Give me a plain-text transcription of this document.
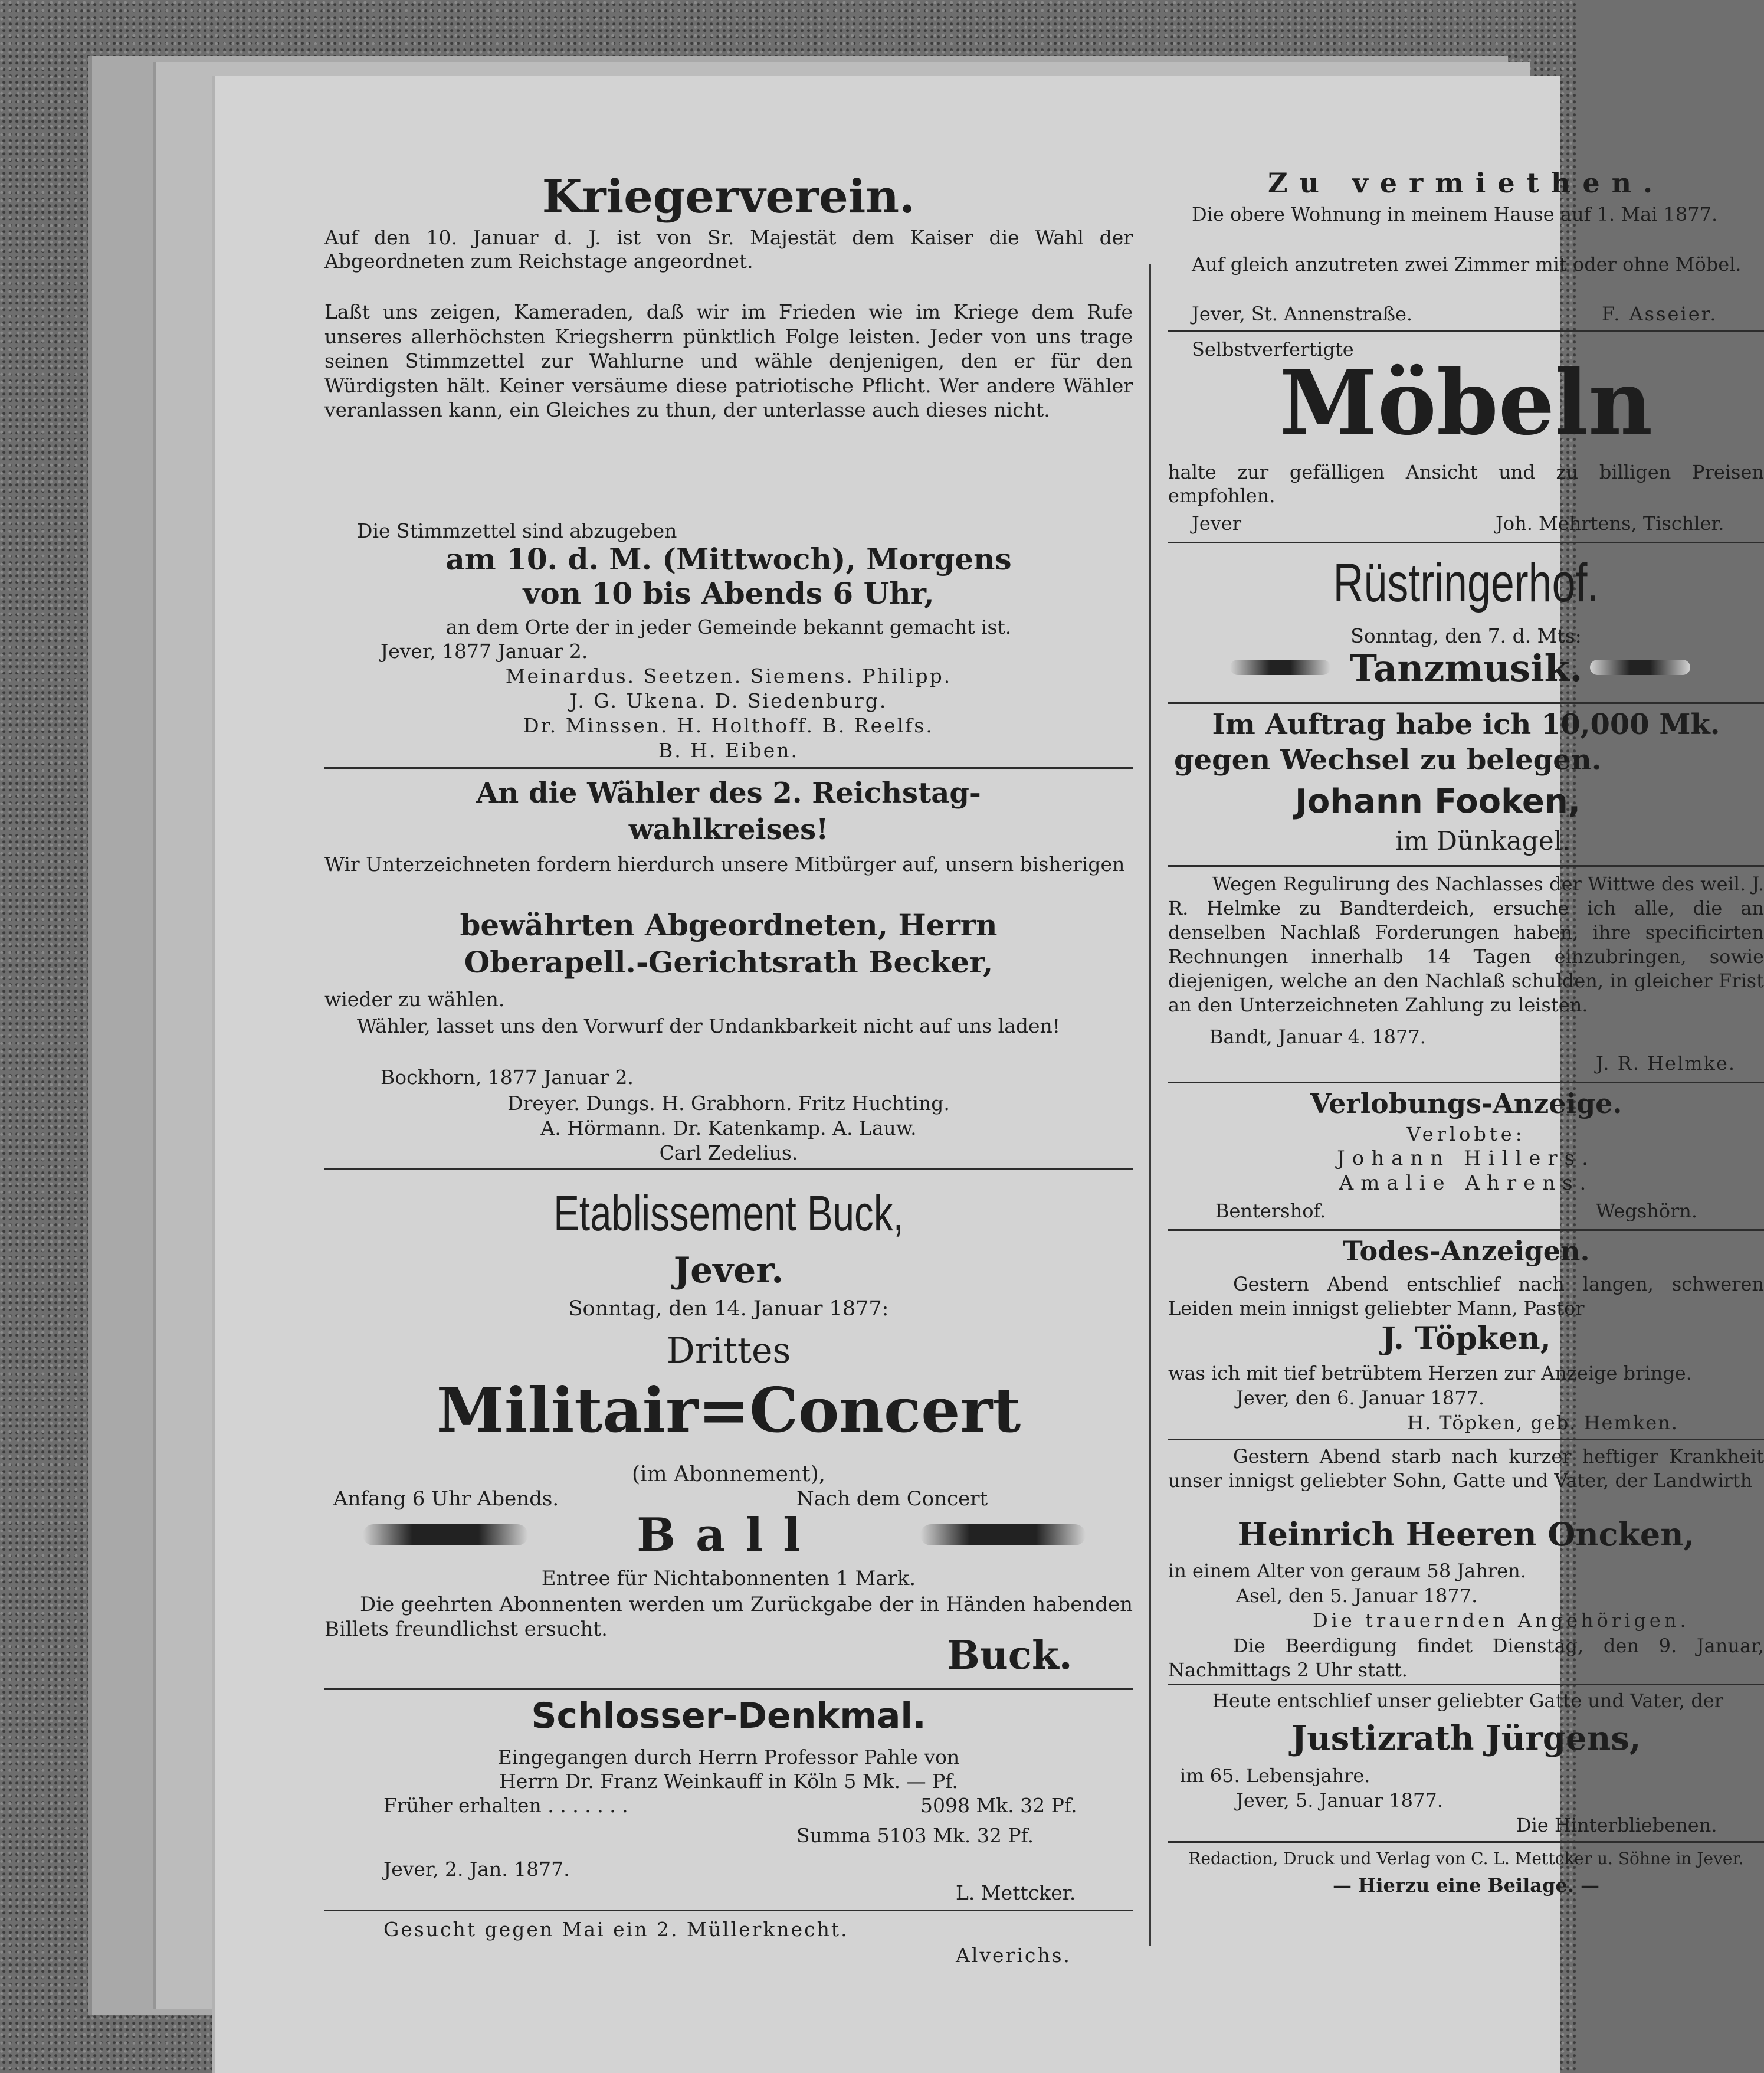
Kriegerverein.
Auf den 10. Januar d. J. ist von Sr. Majestät dem Kaiser die Wahl der Abgeordneten zum Reichstage angeordnet.
Laßt uns zeigen, Kameraden, daß wir im Frieden wie im Kriege dem Rufe unseres allerhöchsten Kriegsherrn pünktlich Folge leisten. Jeder von uns trage seinen Stimmzettel zur Wahlurne und wähle denjenigen, den er für den Würdigsten hält. Keiner versäume diese patriotische Pflicht. Wer andere Wähler veranlassen kann, ein Gleiches zu thun, der unterlasse auch dieses nicht.
Die Stimmzettel sind abzugeben
am 10. d. M. (Mittwoch), Morgens
von 10 bis Abends 6 Uhr,
an dem Orte der in jeder Gemeinde bekannt gemacht ist.
Jever, 1877 Januar 2.
Meinardus. Seetzen. Siemens. Philipp.
J. G. Ukena. D. Siedenburg.
Dr. Minssen. H. Holthoff. B. Reelfs.
B. H. Eiben.
An die Wähler des 2. Reichstag-
wahlkreises!
Wir Unterzeichneten fordern hierdurch unsere Mitbürger auf, unsern bisherigen
bewährten Abgeordneten, Herrn
Oberapell.-Gerichtsrath Becker,
wieder zu wählen.
Wähler, lasset uns den Vorwurf der Undankbarkeit nicht auf uns laden!
Bockhorn, 1877 Januar 2.
Dreyer. Dungs. H. Grabhorn. Fritz Huchting.
A. Hörmann. Dr. Katenkamp. A. Lauw.
Carl Zedelius.
Etablissement Buck,
Jever.
Sonntag, den 14. Januar 1877:
Drittes
Militair=Concert
(im Abonnement),
Anfang 6 Uhr Abends.	Nach dem Concert
Ball
Entree für Nichtabonnenten 1 Mark.
Die geehrten Abonnenten werden um Zurückgabe der in Händen habenden Billets freundlichst ersucht.
Buck.
Schlosser-Denkmal.
Eingegangen durch Herrn Professor Pahle von
Herrn Dr. Franz Weinkauff in Köln 5 Mk. — Pf.
Früher erhalten . . . . . . .	5098 Mk. 32 Pf.
Summa 5103 Mk. 32 Pf.
Jever, 2. Jan. 1877.
L. Mettcker.
Gesucht gegen Mai ein 2. Müllerknecht.
Alverichs.
Zu vermiethen.
Die obere Wohnung in meinem Hause auf 1. Mai 1877.
Auf gleich anzutreten zwei Zimmer mit oder ohne Möbel.
Jever, St. Annenstraße.	F. Asseier.
Selbstverfertigte
Möbeln
halte zur gefälligen Ansicht und zu billigen Preisen empfohlen.
Jever	Joh. Mehrtens, Tischler.
Rüstringerhof.
Sonntag, den 7. d. Mts:
Tanzmusik.
Im Auftrag habe ich 10,000 Mk.
gegen Wechsel zu belegen.
Johann Fooken,
im Dünkagel.
Wegen Regulirung des Nachlasses der Wittwe des weil. J. R. Helmke zu Bandterdeich, ersuche ich alle, die an denselben Nachlaß Forderungen haben, ihre specificirten Rechnungen innerhalb 14 Tagen einzubringen, sowie diejenigen, welche an den Nachlaß schulden, in gleicher Frist an den Unterzeichneten Zahlung zu leisten.
Bandt, Januar 4. 1877.
J. R. Helmke.
Verlobungs-Anzeige.
Verlobte:
Johann Hillers.
Amalie Ahrens.
Bentershof.	Wegshörn.
Todes-Anzeigen.
Gestern Abend entschlief nach langen, schweren Leiden mein innigst geliebter Mann, Pastor
J. Töpken,
was ich mit tief betrübtem Herzen zur Anzeige bringe.
Jever, den 6. Januar 1877.
H. Töpken, geb. Hemken.
Gestern Abend starb nach kurzer heftiger Krankheit unser innigst geliebter Sohn, Gatte und Vater, der Landwirth
Heinrich Heeren Oncken,
in einem Alter von gerauм 58 Jahren.
Asel, den 5. Januar 1877.
Die trauernden Angehörigen.
Die Beerdigung findet Dienstag, den 9. Januar, Nachmittags 2 Uhr statt.
Heute entschlief unser geliebter Gatte und Vater, der
Justizrath Jürgens,
im 65. Lebensjahre.
Jever, 5. Januar 1877.
Die Hinterbliebenen.
Redaction, Druck und Verlag von C. L. Mettcker u. Söhne in Jever.
— Hierzu eine Beilage. —
